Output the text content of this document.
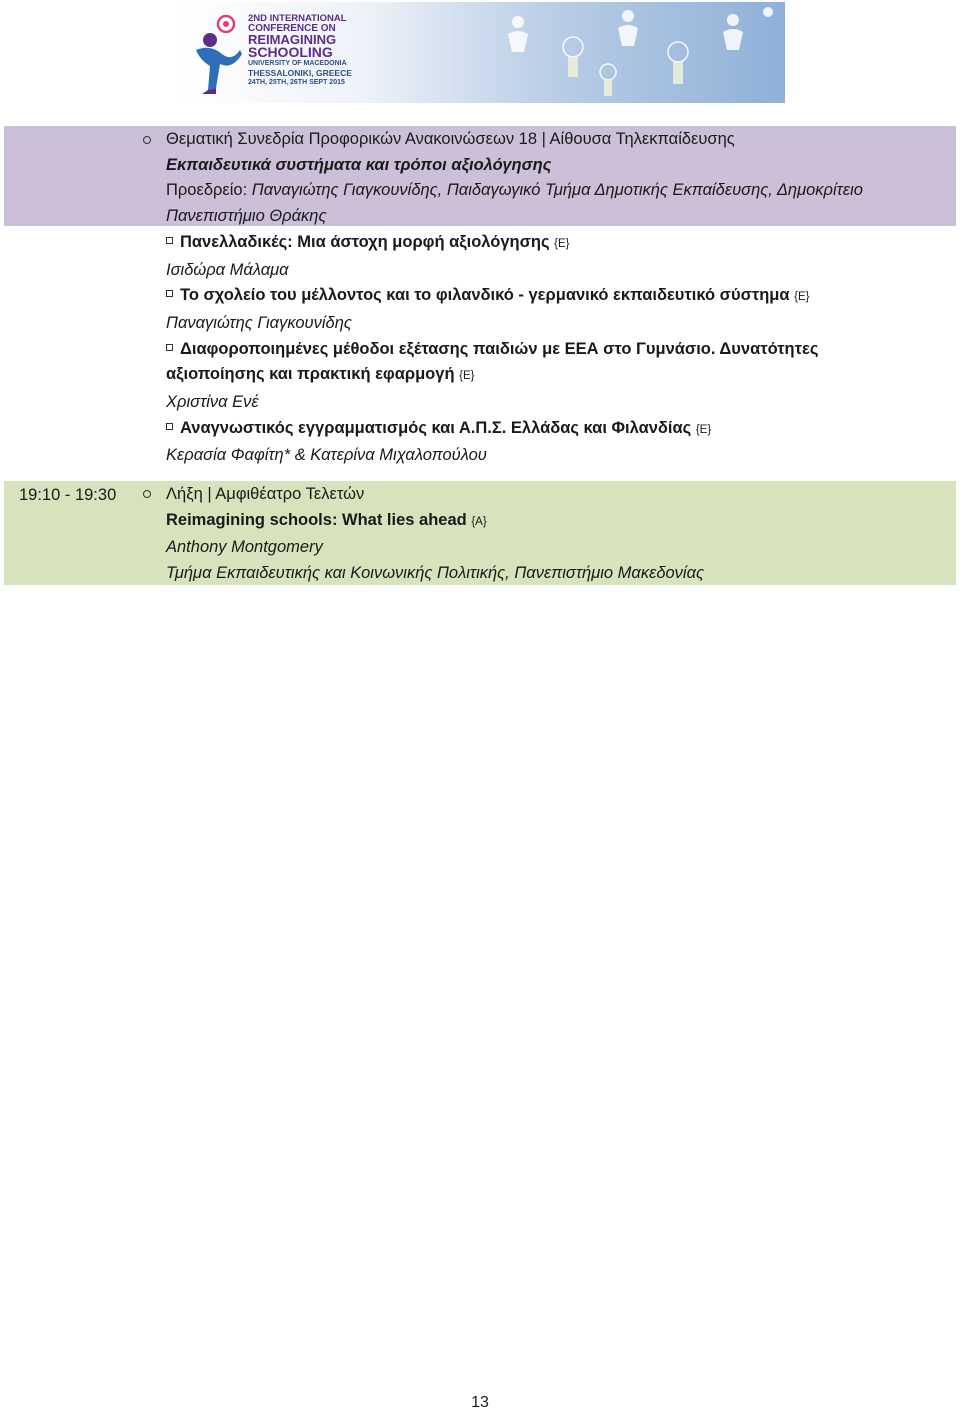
2ND INTERNATIONAL
CONFERENCE ON
REIMAGINING
SCHOOLING
UNIVERSITY OF MACEDONIA
THESSALONIKI, GREECE
24TH, 25TH, 26TH SEPT 2015
Θεματική Συνεδρία Προφορικών Ανακοινώσεων 18 | Αίθουσα Τηλεκπαίδευσης
Εκπαιδευτικά συστήματα και τρόποι αξιολόγησης
Προεδρείο: Παναγιώτης Γιαγκουνίδης, Παιδαγωγικό Τμήμα Δημοτικής Εκπαίδευσης, Δημοκρίτειο
Πανεπιστήμιο Θράκης
Πανελλαδικές: Μια άστοχη μορφή αξιολόγησης {Ε}
Ισιδώρα Μάλαμα
Το σχολείο του μέλλοντος και το φιλανδικό - γερμανικό εκπαιδευτικό σύστημα {Ε}
Παναγιώτης Γιαγκουνίδης
Διαφοροποιημένες μέθοδοι εξέτασης παιδιών με ΕΕΑ στο Γυμνάσιο. Δυνατότητες
αξιοποίησης και πρακτική εφαρμογή {Ε}
Χριστίνα Ενέ
Αναγνωστικός εγγραμματισμός και Α.Π.Σ. Ελλάδας και Φιλανδίας {Ε}
Κερασία Φαφίτη* & Κατερίνα Μιχαλοπούλου
19:10 - 19:30	Λήξη | Αμφιθέατρο Τελετών
Reimagining schools: What lies ahead {Α}
Anthony Montgomery
Τμήμα Εκπαιδευτικής και Κοινωνικής Πολιτικής, Πανεπιστήμιο Μακεδονίας
13
